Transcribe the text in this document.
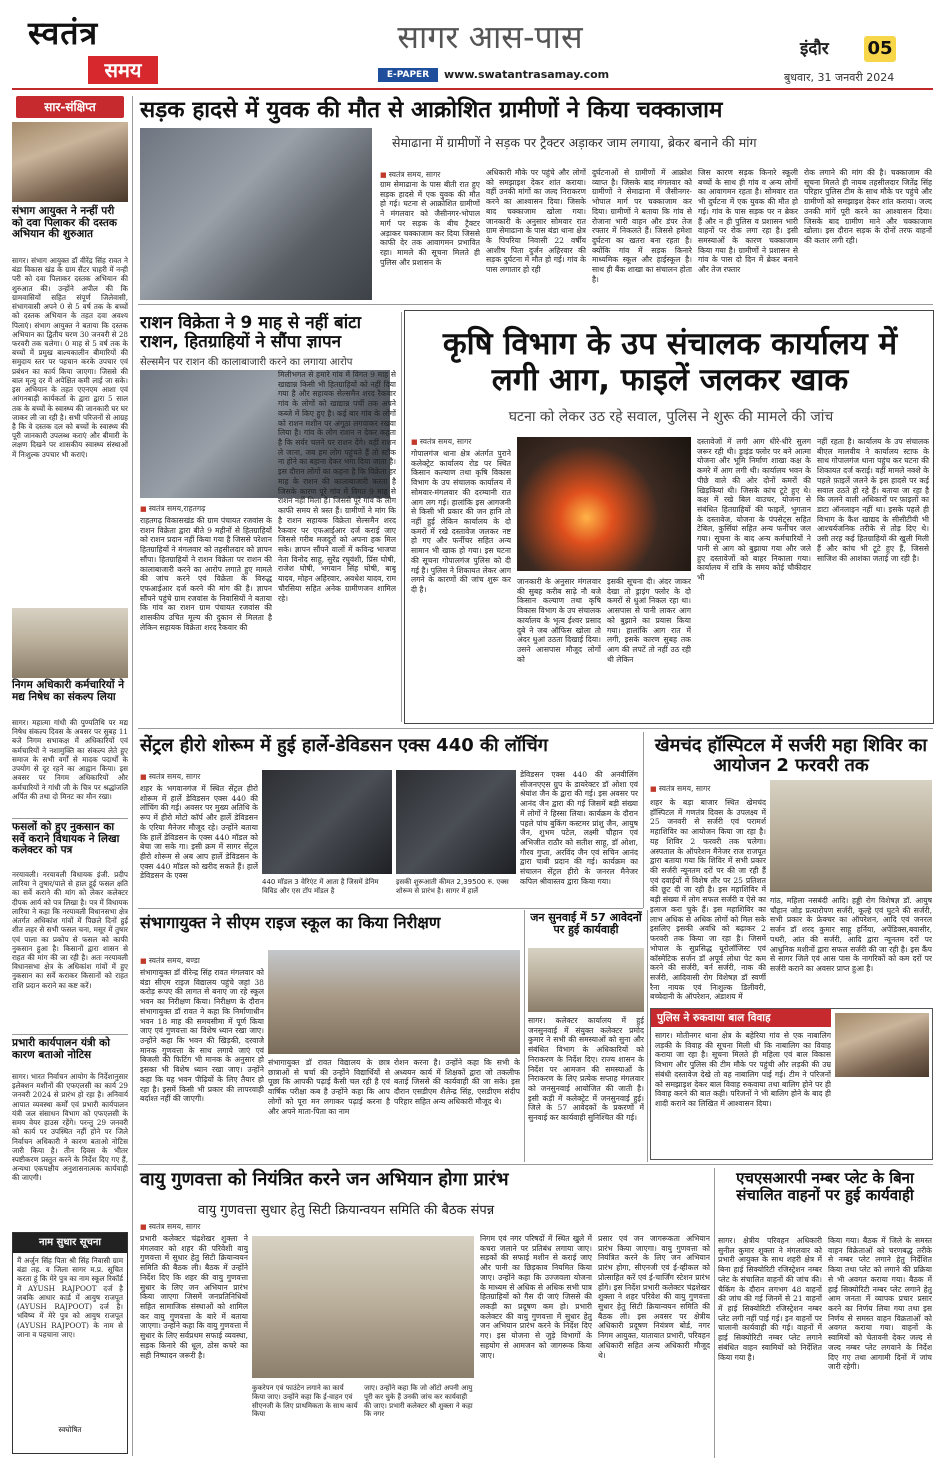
स्वतंत्र
समय
सागर आस-पास
E-PAPER	www.swatantrasamay.com
इंदौर 05
बुधवार, 31 जनवरी 2024
सार-संक्षिप्त
संभाग आयुक्त ने नन्हीं परी को दवा पिलाकर की दस्तक अभियान की शुरुआत
सागर। संभाग आयुक्त डॉ वीरेंद्र सिंह रावत ने बंडा विकास खंड के ग्राम सैंटर चाहरी में नन्ही परी को दवा पिलाकर दस्तक अभियान की शुरुआत की। उन्होंने अपील की कि ग्रामवासियों सहित संपूर्ण जिलेवासी, संभागवासी अपने 0 से 5 वर्ष तक के बच्चों को दस्तक अभियान के तहत दवा अवश्य पिलाएं। संभाग आयुक्त ने बताया कि दस्तक अभियान का द्वितीय चरण 30 जनवरी से 28 फरवरी तक चलेगा। 0 माह से 5 वर्ष तक के बच्चों में प्रमुख बाल्यकालीन बीमारियों की समुदाय स्तर पर पहचान करके उपचार एवं प्रबंधन का कार्य किया जाएगा। जिससे की बाल मृत्यु दर में अपेक्षित कमी लाई जा सके। इस अभियान के तहत एएनएम आशा एवं आंगनबाड़ी कार्यकर्ता के द्वारा द्वारा 5 साल तक के बच्चों के स्वास्थ्य की जानकारी घर घर जाकर ली जा रही है। सभी परिजनों से आग्रह है कि वे दस्तक दल को बच्चों के स्वास्थ्य की पूरी जानकारी उपलब्ध कराएं और बीमारी के लक्षण दिखने पर शासकीय स्वास्थ्य संस्थाओं में निःशुल्क उपचार भी कराएं।
निगम अधिकारी कर्मचारियों ने मद्य निषेध का संकल्प लिया
सागर। महात्मा गांधी की पुण्यतिथि पर मद्य निषेध संकल्प दिवस के अवसर पर सुबह 11 बजे निगम सभाकक्ष में अधिकारियों एवं कर्मचारियों ने नशामुक्ति का संकल्प लेते हुए समाज के सभी वर्गों से मादक पदार्थों के उपयोग से दूर रहने का आह्वान किया। इस अवसर पर निगम अधिकारियों और कर्मचारियों ने गांधी जी के चित्र पर श्रद्धांजलि अर्पित की तथा दो मिनट का मौन रखा।
फसलों को हुए नुकसान का सर्वे कराने विधायक ने लिखा कलेक्टर को पत्र
नरयावली। नरयावली विधायक इंजी. प्रदीप लारिया ने तुषार/पाले से हाल हुई फसल क्षति का सर्वे कराने की मांग को लेकर कलेक्टर दीपक आर्य को पत्र लिखा है। पत्र में विधायक लारिया ने कहा कि नरयावली विधानसभा क्षेत्र अंतर्गत अधिकांश गांवों में पिछले दिनों हुई शीत लहर से सभी फसल चना, मसूर में तुषार एवं पाला का प्रकोप से फसल को काफी नुकसान हुआ है। किसानों द्वारा शासन से राहत की मांग की जा रही है। अतः नरयावली विधानसभा क्षेत्र के अधिकांश गांवों में हुए नुकसान का सर्वे कराकर किसानों को राहत राशि प्रदान कराने का कष्ट करें।
प्रभारी कार्यपालन यंत्री को कारण बताओ नोटिस
सागर। भारत निर्वाचन आयोग के निर्देशानुसार इलेक्शन मशीनों की एफएलसी का कार्य 29 जनवरी 2024 से प्रारंभ हो रहा है। अनिवार्य आपात व्यवस्था कर्मों एवं प्रभारी कार्यपालन यंत्री जल संसाधन विभाग को एफएलसी के समय वेयर हाउस रहेंगे। परन्तु 29 जनवरी को कार्य पर उपस्थित नहीं होने पर जिले निर्वाचन अधिकारी ने कारण बताओ नोटिस जारी किया है। तीन दिवस के भीतर स्पष्टीकरण प्रस्तुत करने के निर्देश दिए गए हैं, अन्यथा एकपक्षीय अनुशासनात्मक कार्यवाही की जाएगी।
नाम सुधार सूचना
मैं अर्जुन सिंह पिता श्री सिंह निवासी ग्राम बंडा तह. व जिला सागर म.प्र. सूचित करता हूं कि मेरे पुत्र का नाम स्कूल रिकॉर्ड में AYUSH RAJPOOT दर्ज है जबकि आधार कार्ड में आयुष राजपूत (AYUSH RAJPOOT) दर्ज है। भविष्य में मेरे पुत्र को आयुष राजपूत (AYUSH RAJPOOT) के नाम से जाना व पहचाना जाए।
स्वघोषित
सड़क हादसे में युवक की मौत से आक्रोशित ग्रामीणों ने किया चक्काजाम
सेमाढाना में ग्रामीणों ने सड़क पर ट्रैक्टर अड़ाकर जाम लगाया, ब्रेकर बनाने की मांग
■ स्वतंत्र समय, सागर
ग्राम सेमाढाना के पास बीती रात हुए सड़क हादसे में एक युवक की मौत हो गई। घटना से आक्रोशित ग्रामीणों ने मंगलवार को जैसीनगर-भोपाल मार्ग पर सड़क के बीच ट्रैक्टर अड़ाकर चक्काजाम कर दिया जिससे काफी देर तक आवागमन प्रभावित रहा। मामले की सूचना मिलते ही पुलिस और प्रशासन के
अधिकारी मौके पर पहुंचे और लोगों को समझाइश देकर शांत कराया। वहीं उनकी मांगों का जल्द निराकरण करने का आश्वासन दिया। जिसके बाद चक्काजाम खोला गया। जानकारी के अनुसार सोमवार रात ग्राम सेमाढाना के पास बंडा थाना क्षेत्र के पिपरिया निवासी 22 वर्षीय आशीष पिता दुर्जन अहिरवार की सड़क दुर्घटना में मौत हो गई। गांव के पास लगातार हो रही
दुर्घटनाओं से ग्रामीणों में आक्रोश व्याप्त है। जिसके बाद मंगलवार को ग्रामीणों ने सेमाढाना में जैसीनगर-भोपाल मार्ग पर चक्काजाम कर दिया। ग्रामीणों ने बताया कि गांव से रोजाना भारी वाहन और डंपर तेज रफ्तार में निकलते हैं। जिससे हमेशा दुर्घटना का खतरा बना रहता है। क्योंकि गांव में सड़क किनारे माध्यमिक स्कूल और हाईस्कूल है। साथ ही बैंक शाखा का संचालन होता है।
जिस कारण सड़क किनारे स्कूली बच्चों के साथ ही गांव व अन्य लोगों का आवागमन रहता है। सोमवार रात भी दुर्घटना में एक युवक की मौत हो गई। गांव के पास सड़क पर न ब्रेकर हैं और न ही पुलिस व प्रशासन भारी वाहनों पर रोक लगा रहा है। इसी समस्याओं के कारण चक्काजाम किया गया है। ग्रामीणों ने प्रशासन से गांव के पास दो दिन में ब्रेकर बनाने और तेज रफ्तार
रोक लगाने की मांग की है। चक्काजाम की सूचना मिलते ही नायब तहसीलदार जितेंद्र सिंह परिहार पुलिस टीम के साथ मौके पर पहुंचे और ग्रामीणों को समझाइश देकर शांत कराया। जल्द उनकी मांगें पूरी करने का आश्वासन दिया। जिसके बाद ग्रामीण माने और चक्काजाम खोला। इस दौरान सड़क के दोनों तरफ वाहनों की कतार लगी रही।
राशन विक्रेता ने 9 माह से नहीं बांटा राशन, हितग्राहियों ने सौंपा ज्ञापन
सेल्समैन पर राशन की कालाबाजारी करने का लगाया आरोप
■ स्वतंत्र समय,राहतगढ़
राहतगढ़ विकासखंड की ग्राम पंचायत रजवांस के राशन विक्रेता द्वारा बीते 9 महीनों से हितग्राहियों को राशन प्रदान नहीं किया गया है जिससे परेशान हितग्राहियों ने मंगलवार को तहसीलदार को ज्ञापन सौंपा। हितग्राहियों ने राशन विक्रेता पर राशन की कालाबाजारी करने का आरोप लगाते हुए मामले की जांच करने एवं विक्रेता के विरुद्ध एफआईआर दर्ज करने की मांग की है। ज्ञापन सौंपने पहुंचे ग्राम रजवांस के निवासियों ने बताया कि गांव का राशन ग्राम पंचायत रजवांस की शासकीय उचित मूल्य की दुकान से मिलता है लेकिन सहायक विक्रेता शरद रैकवार की
मिलीभगत से हमारे गांव में विगत 9 माह से खाद्यान्न किसी भी हितग्राहियों को नहीं दिया गया है और सहायक सेल्समैन शरद रैकवार गांव के लोगों को खाद्यान्न पर्ची तक अपने कब्जे में किए हुए है। कई बार गांव के लोगों को राशन मशीन पर अंगूठा लगवाकर रखवा लिया है। गांव के लोग राशन न देकर कहता है कि सर्वर चलने पर राशन देंगे। वहीं राशन ले जाना, जब हम लोग पहुंचते हैं तो स्टॉक ना होने का बहाना देकर भगा दिया जाता है। इस दौरान लोगों का कहना है कि विक्रेता हर माह के राशन की कालाबाजारी करता है जिसके कारण पूरे गांव में विगत 9 माह से राशन नहीं मिला है। जिससे पूरे गांव के लोग काफी समय से त्रस्त हैं। ग्रामीणों ने मांग कि है राशन सहायक विक्रेता सेल्समैन शरद रैकवार पर एफआईआर दर्ज कराई जाए जिससे गरीब मजदूरों को अपना हक मिल सके। ज्ञापन सौंपने वालों में कविन्द्र भाजपा नेता विनोद साहू, सुरेंद्र रघुवंशी, प्रिंस घोषी, राजेश घोषी, भगवान सिंह घोषी, बाबू यादव, मोहन अहिरवार, अवधेश यादव, राम चौरसिया सहित अनेक ग्रामीणजन शामिल रहे।
कृषि विभाग के उप संचालक कार्यालय में लगी आग, फाइलें जलकर खाक
घटना को लेकर उठ रहे सवाल, पुलिस ने शुरू की मामले की जांच
■ स्वतंत्र समय, सागर
गोपालगंज थाना क्षेत्र अंतर्गत पुराने कलेक्ट्रेट कार्यालय रोड पर स्थित किसान कल्याण तथा कृषि विकास विभाग के उप संचालक कार्यालय में सोमवार-मंगलवार की दरम्यानी रात आग लग गई। हालांकि इस आगजनी से किसी भी प्रकार की जन हानि तो नहीं हुई लेकिन कार्यालय के दो कमरों में रखे दस्तावेज जलकर नष्ट हो गए और फर्नीचर सहित अन्य सामान भी खाक हो गया। इस घटना की सूचना गोपालगंज पुलिस को दी गई है। पुलिस ने शिकायत लेकर आग लगने के कारणों की जांच शुरू कर दी है।
जानकारी के अनुसार मंगलवार की सुबह करीब साढ़े नौ बजे किसान कल्याण तथा कृषि विकास विभाग के उप संचालक कार्यालय के भृत्य ईश्वर प्रसाद दुबे ने जब ऑफिस खोला तो अंदर धुआं उठता दिखाई दिया। उसने आसपास मौजूद लोगों को
इसकी सूचना दी। अंदर जाकर देखा तो ड्राइंग फ्लोर के दो कमरों से धुआं निकल रहा था। आसपास से पानी लाकर आग को बुझाने का प्रयास किया गया। हालांकि आग रात में लगी, इसके कारण सुबह तक आग की लपटें तो नहीं उठ रही थी लेकिन
दस्तावेजों में लगी आग धीरे-धीरे सुलग जरूर रही थी। ड्राइंड फ्लोर पर बने आत्मा योजना और भूमि निर्माण शाखा कक्ष के कमरे में आग लगी थी। कार्यालय भवन के पीछे वाले की ओर दोनों कमरों की खिड़कियां थी। जिसके कांच टूटे हुए थे। कक्ष में रखे बिल वाउचर, योजना से संबंधित हितग्राहियों की फाइलें, भुगतान के दस्तावेज, योजना के पंपसेट्स सहित टेबिल, कुर्सियां सहित अन्य फर्नीचर जल गया। सूचना के बाद अन्य कर्मचारियों ने पानी से आग को बुझाया गया और जले हुए दस्तावेजों को बाहर निकाला गया। कार्यालय में रात्रि के समय कोई चौकीदार भी
नहीं रहता है। कार्यालय के उप संचालक बीएल मालवीय ने कार्यालय स्टाफ के साथ गोपालगंज थाना पहुंच कर घटना की शिकायत दर्ज कराई। वहीं मामले नक्शे के पहले फ़ाइलें जलने के इस हादसे पर कई सवाल उठते हो रहे हैं। बताया जा रहा है कि जलने वाली अधिकारों पर फ़ाइलों का डाटा ऑनलाइन नहीं था। इसके पहले ही विभाग के कैश खाद्यद के सीसीटीवी भी आश्चर्यजनिक तरीके से तोड़ दिए थे। उसी तरह कई हितग्राहियों की खुली मिली हैं और कांच भी टूटे हुए हैं, जिससे साजिश की आशंका जताई जा रही है।
सेंट्रल हीरो शोरूम में हुई हार्ले-डेविडसन एक्स 440 की लॉचिंग
■ स्वतंत्र समय, सागर
शहर के भगवानगंज में स्थित सेंट्रल हीरो शोरूम में हार्ले डेविडसन एक्स 440 की लॉचिंग की गई। अवसर पर मुख्य अतिथि के रूप में हीरो मोटो कॉर्प और हार्ले डेविडसन के एरिया मैनेजर मौजूद रहे। उन्होंने बताया कि हार्ले डेविडसन के एक्स 440 मॉडल को बेचा जा सके गा। इसी क्रम में सागर सेंट्रल हीरो शोरूम से अब आप हार्ले डेविडसन के एक्स 440 मॉडल को खरीद सकते हैं। हार्ले डेविडसन के एक्स
440 मॉडल 3 वेरिएंट में आता है जिसमें डेनिम विविड और एस टॉप मॉडल है
इसकी शुरूआती कीमत 2,39500 रु. एक्स शोरूम से प्रारंभ है। सागर में हार्ले
डेविडसन एक्स 440 की अनवीलिंग सीजनएएस ग्रुप के डायरेक्टर डॉ ओशा एवं श्रेयांश जैन के द्वारा की गई। इस अवसर पर आनंद जैन द्वारा की गई जिसमें बड़ी संख्या में लोगों ने हिस्सा लिया। कार्यक्रम के दौरान पहले पांच बुकिंग कस्टमर प्रांशु जैन, आयुष जैन, शुभम पटेल, लक्ष्मी चौहान एवं अभिजीत राठौर को सतीश साहू, डॉ ओशा, गौरव गुप्ता, अरविंद जैन एवं सचिन आनंद द्वारा चाबी प्रदान की गई। कार्यक्रम का संचालन सेंट्रल हीरो के जनरल मैनेजर कपिल श्रीवास्तव द्वारा किया गया।
खेमचंद हॉस्पिटल में सर्जरी महा शिविर का आयोजन 2 फरवरी तक
■ स्वतंत्र समय, सागर
शहर के बड़ा बाजार स्थित खेमचंद हॉस्पिटल में गणतंत्र दिवस के उपलक्ष्य में 25 जनवरी से सर्जरी एवं परामर्श महाशिविर का आयोजन किया जा रहा है। यह शिविर 2 फरवरी तक चलेगा। अस्पताल के ऑपरेशन मैनेजर राज राजपूत द्वारा बताया गया कि शिविर में सभी प्रकार की सर्जरी न्यूनतम दरों पर की जा रही हैं एवं दवाईयों में विशेष तौर पर 25 प्रतिशत की छूट दी जा रही है। इस महाशिविर में बड़ी संख्या में लोग सफल सर्जरी व ऐसे का इलाज करा चुके हैं। इस महाशिविर का लाभ अधिक से अधिक लोगों को मिल सके इसलिए इसकी अवधि को बढ़ाकर 2 फरवरी तक किया जा रहा है। जिसमें भोपाल के सुप्रसिद्ध यूरोलॉजिस्ट एवं कॉस्मेटिक सर्जन डॉ अपूर्व लोधा पेट कम करने की सर्जरी, बर्न सर्जरी, नाक की सर्जरी, आदिवासी रोग विशेषज्ञ डॉ स्वर्णी रैना नायक एवं निःशुल्क डिलीवरी, बच्चेदानी के ऑपरेशन, अंडाशय में
गांठ, महिला नसबंदी आदि। हड्डी रोग विशेषज्ञ डॉ. आयुष चौहान जोड़ प्रत्यारोपण सर्जरी, कूल्हे एवं घुटने की सर्जरी, सभी प्रकार के फ्रेक्चर का ऑपरेशन, आदि एवं जनरल सर्जन डॉ शरद कुमार साहू हर्निया, अपेंडिक्स,बवासीर, पथरी, आंत की सर्जरी, आदि द्वारा न्यूनतम दरों पर आधुनिक मशीनों द्वारा सफल सर्जरी की जा रही है। इस कैंप से सागर जिले एवं आस पास के नागरिकों को कम दरों पर सर्जरी कराने का अवसर प्राप्त हुआ है।
संभागायुक्त ने सीएम राइज स्कूल का किया निरीक्षण
■ स्वतंत्र समय, बण्डा
संभागायुक्त डॉ वीरेन्द्र सिंह रावत मंगलवार को बंडा सीएम राइज विद्यालय पहुंचे जहां 38 करोड़ रूपए की लागत से बनाए जा रहे स्कूल भवन का निरीक्षण किया। निरीक्षण के दौरान संभागायुक्त डॉ रावत ने कहा कि निर्माणाधीन भवन 18 माह की समयसीमा में पूर्ण किया जाए एवं गुणवत्ता का विशेष ध्यान रखा जाए। उन्होंने कहा कि भवन की खिड़की, दरवाजे मानक गुणवत्ता के साथ लगाये जाएं एवं बिजली की फिटिंग भी मानक के अनुसार हो इसका भी विशेष ध्यान रखा जाए। उन्होंने कहा कि यह भवन पीढ़ियों के लिए तैयार हो रहा है। इसमें किसी भी प्रकार की लापरवाही बर्दाश्त नहीं की जाएगी।
संभागायुक्त डॉ रावत विद्यालय के छात्र छात्राओं से चर्चा की उन्होंने विद्यार्थियों से पूछा कि आपकी पढ़ाई कैसी चल रही है एवं वार्षिक परीक्षा कब है उन्होंने कहा कि आप लोगों को पूरा मन लगाकर पढ़ाई करना है और अपने माता-पिता का नाम
रोशन करना है। उन्होंने कहा कि सभी के अध्ययन कार्य में शिक्षकों द्वारा जो तकलीफ बताई जिससे की कार्यवाही की जा सके। इस दौरान एसडीएम शैलेन्द्र सिंह, एसडीएम संदीप परिहार सहित अन्य अधिकारी मौजूद थे।
जन सुनवाई में 57 आवेदनों पर हुई कार्यवाही
सागर। कलेक्टर कार्यालय में हुई जनसुनवाई में संयुक्त कलेक्टर प्रमोद कुमार ने सभी की समस्याओं को सुना और संबंधित विभाग के अधिकारियों को निराकरण के निर्देश दिए। राज्य शासन के निर्देश पर आमजन की समस्याओं के निराकरण के लिए प्रत्येक सप्ताह मंगलवार को जनसुनवाई आयोजित की जाती है। इसी कड़ी में कलेक्ट्रेट में जनसुनवाई हुई। जिले के 57 आवेदकों के प्रकरणों में सुनवाई कर कार्यवाही सुनिश्चित की गई।
पुलिस ने रुकवाया बाल विवाह
सागर। मोतीनगर थाना क्षेत्र के बहेरिया गांव से एक नाबालिग लड़की के विवाह की सूचना मिली थी कि नाबालिग का विवाह कराया जा रहा है। सूचना मिलते ही महिला एवं बाल विकास विभाग और पुलिस की टीम मौके पर पहुंची और लड़की की उम्र संबंधी दस्तावेज देखे तो वह नाबालिग पाई गई। टीम ने परिजनों को समझाइश देकर बाल विवाह रुकवाया तथा बालिग होने पर ही विवाह करने की बात कही। परिजनों ने भी बालिग होने के बाद ही शादी कराने का लिखित में आश्वासन दिया।
वायु गुणवत्ता को नियंत्रित करने जन अभियान होगा प्रारंभ
वायु गुणवत्ता सुधार हेतु सिटी क्रियान्वयन समिति की बैठक संपन्न
■ स्वतंत्र समय, सागर
प्रभारी कलेक्टर चंद्रशेखर शुक्ला ने मंगलवार को शहर की परिवेशी वायु गुणवत्ता में सुधार हेतु सिटी क्रियान्वयन समिति की बैठक ली। बैठक में उन्होंने निर्देश दिए कि शहर की वायु गुणवत्ता सुधार के लिए जन अभियान प्रारंभ किया जाएगा जिसमें जनप्रतिनिधियों सहित सामाजिक संस्थाओं को शामिल कर वायु गुणवत्ता के बारे में बताया जाएगा। उन्होंने कहा कि वायु गुणवत्ता में सुधार के लिए सर्वप्रथम सफाई व्यवस्था, सड़क किनारे की धूल, ठोस कचरे का सही निष्पादन जरूरी है।
कुकरेपन एवं फाउंटेन लगाने का कार्य किया जाए। उन्होंने कहा कि ई-वाहन एवं सीएनजी के लिए प्राथमिकता के साथ कार्य किया
जाए। उन्होंने कहा कि जो ऑटो अपनी आयु पूरी कर चुके हैं उनकी जांच कर कार्यवाही की जाए। प्रभारी कलेक्टर श्री शुक्ला ने कहा कि नगर
निगम एवं नगर परिषदों में स्थित खुले में कचरा जलाने पर प्रतिबंध लगाया जाए। सड़कों की सफाई मशीन से कराई जाए और पानी का छिड़काव नियमित किया जाए। उन्होंने कहा कि उज्जवला योजना के माध्यम से अधिक से अधिक सभी पात्र हितग्राहियों को गैस दी जाएं जिससे की लकड़ी का प्रदूषण कम हो। प्रभारी कलेक्टर की वायु गुणवत्ता में सुधार हेतु जन अभियान प्रारंभ करने के निर्देश दिए गए। इस योजना से जुड़े विभागों के सहयोग से आमजन को जागरूक किया जाए।
प्रसार एवं जन जागरूकता अभियान प्रारंभ किया जाएगा। वायु गुणवत्ता को नियंत्रित करने के लिए जन अभियान प्रारंभ होगा, सीएनजी एवं ई-व्हीकल को प्रोत्साहित करें एवं ई-चार्जिंग स्टेशन प्रारंभ होंगे। इस निर्देश प्रभारी कलेक्टर चंद्रशेखर शुक्ला ने शहर परिवेश की वायु गुणवत्ता सुधार हेतु सिटी क्रियान्वयन समिति की बैठक ली। इस अवसर पर क्षेत्रीय अधिकारी प्रदूषण नियंत्रण बोर्ड, नगर निगम आयुक्त, यातायात प्रभारी, परिवहन अधिकारी सहित अन्य अधिकारी मौजूद थे।
एचएसआरपी नम्बर प्लेट के बिना संचालित वाहनों पर हुई कार्यवाही
सागर। क्षेत्रीय परिवहन अधिकारी सुनील कुमार शुक्ला ने मंगलवार को प्रभारी आयुक्त के साथ शहरी क्षेत्र में बिना हाई सिक्योरिटी रजिस्ट्रेशन नम्बर प्लेट के संचालित वाहनों की जांच की। चैकिंग के दौरान लगभग 48 वाहनों की जांच की गई जिनमें से 21 वाहनों में हाई सिक्योरिटी रजिस्ट्रेशन नम्बर प्लेट लगी नहीं पाई गई। इन वाहनों पर चालानी कार्यवाही की गई। वाहनों में हाई सिक्योरिटी नम्बर प्लेट लगाने संबंधित वाहन स्वामियों को निर्देशित किया गया है।
किया गया। बैठक में जिले के समस्त वाहन विक्रेताओं को चरणबद्ध तरीके से नम्बर प्लेट लगाने हेतु निर्देशित किया तथा प्लेट को लगाने की प्रक्रिया से भी अवगत कराया गया। बैठक में हाई सिक्योरिटी नम्बर प्लेट लगाने हेतु आम जनता में व्यापक प्रचार प्रसार करने का निर्णय लिया गया तथा इस निर्णय से समस्त वाहन विक्रताओं को अवगत कराया गया। वाहनों के स्वामियों को चेतावनी देकर जल्द से जल्द नम्बर प्लेट लगवाने के निर्देश दिए गए तथा आगामी दिनों में जांच जारी रहेगी।
